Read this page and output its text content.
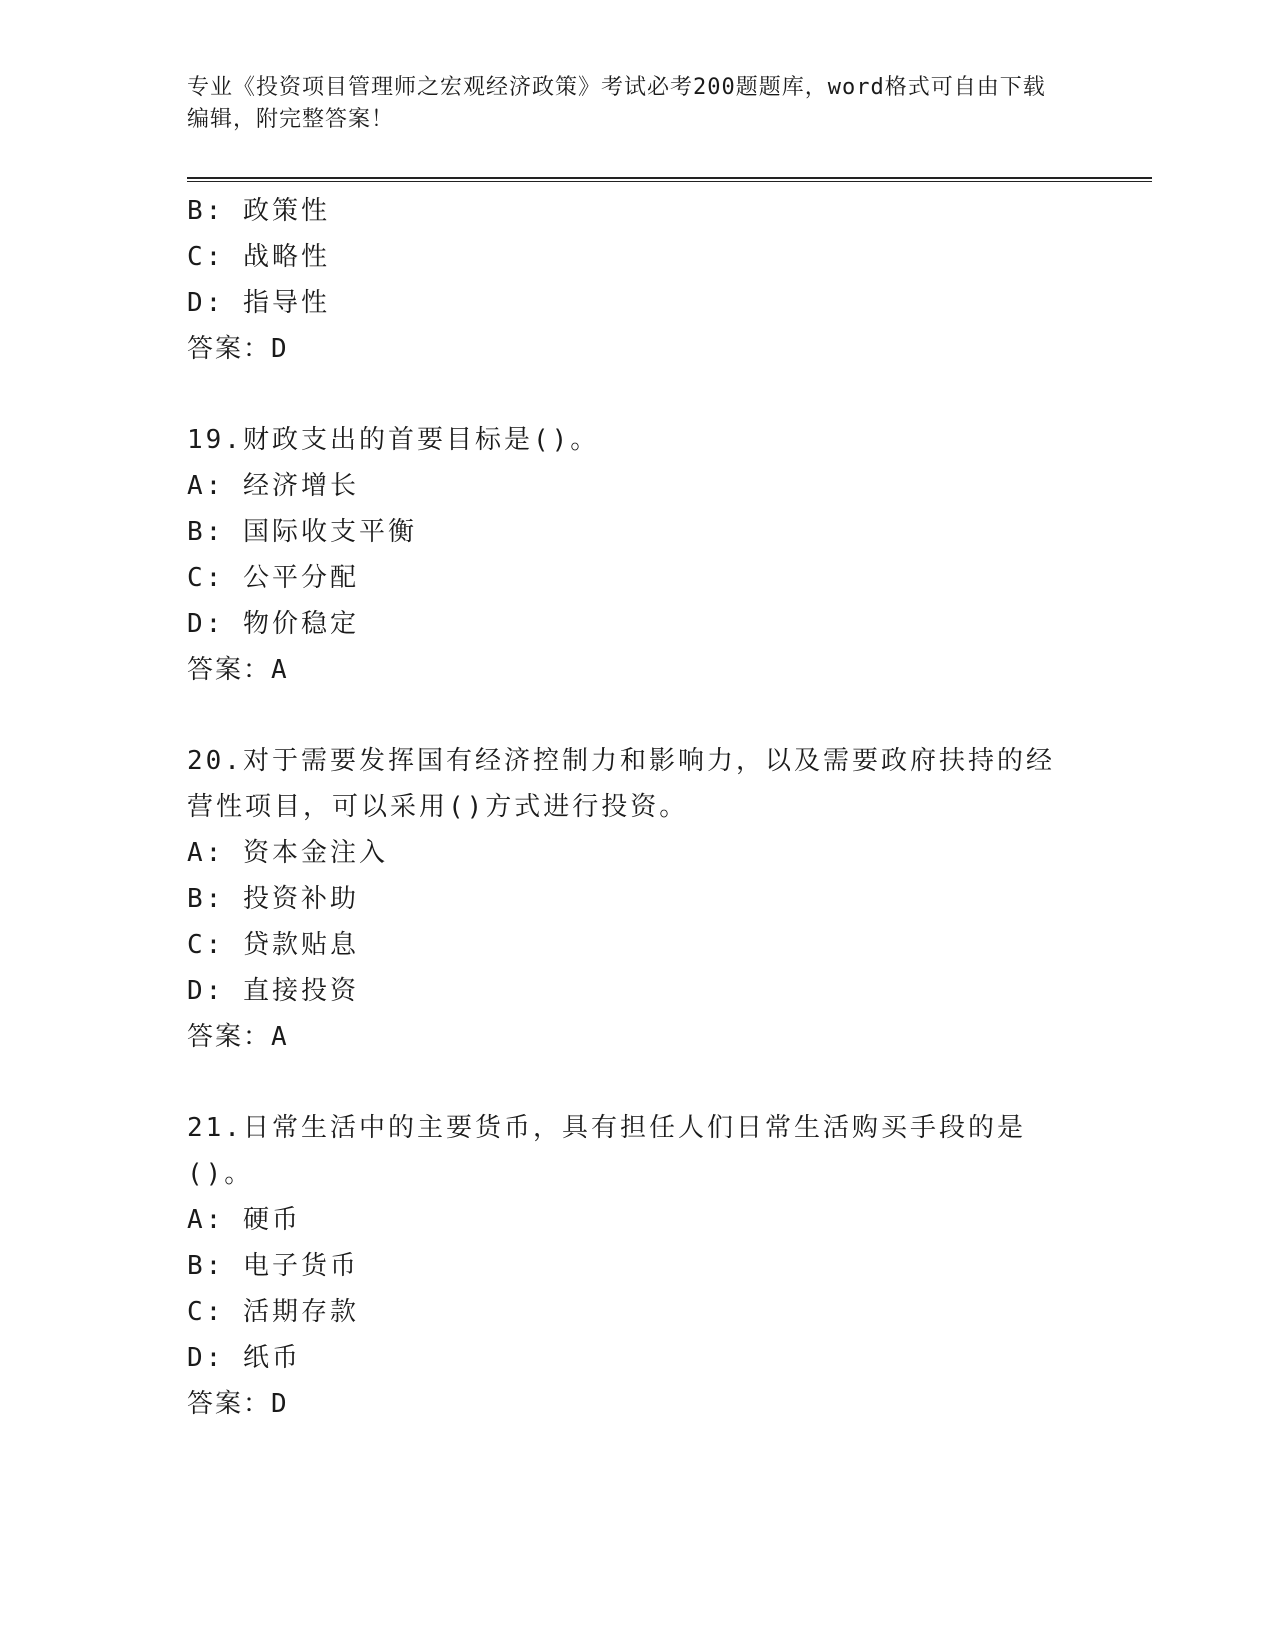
专业《投资项目管理师之宏观经济政策》考试必考200题题库，word格式可自由下载编辑，附完整答案！
B: 政策性
C: 战略性
D: 指导性
答案：D
19.财政支出的首要目标是()。
A: 经济增长
B: 国际收支平衡
C: 公平分配
D: 物价稳定
答案：A
20.对于需要发挥国有经济控制力和影响力，以及需要政府扶持的经营性项目，可以采用()方式进行投资。
A: 资本金注入
B: 投资补助
C: 贷款贴息
D: 直接投资
答案：A
21.日常生活中的主要货币，具有担任人们日常生活购买手段的是()。
A: 硬币
B: 电子货币
C: 活期存款
D: 纸币
答案：D
